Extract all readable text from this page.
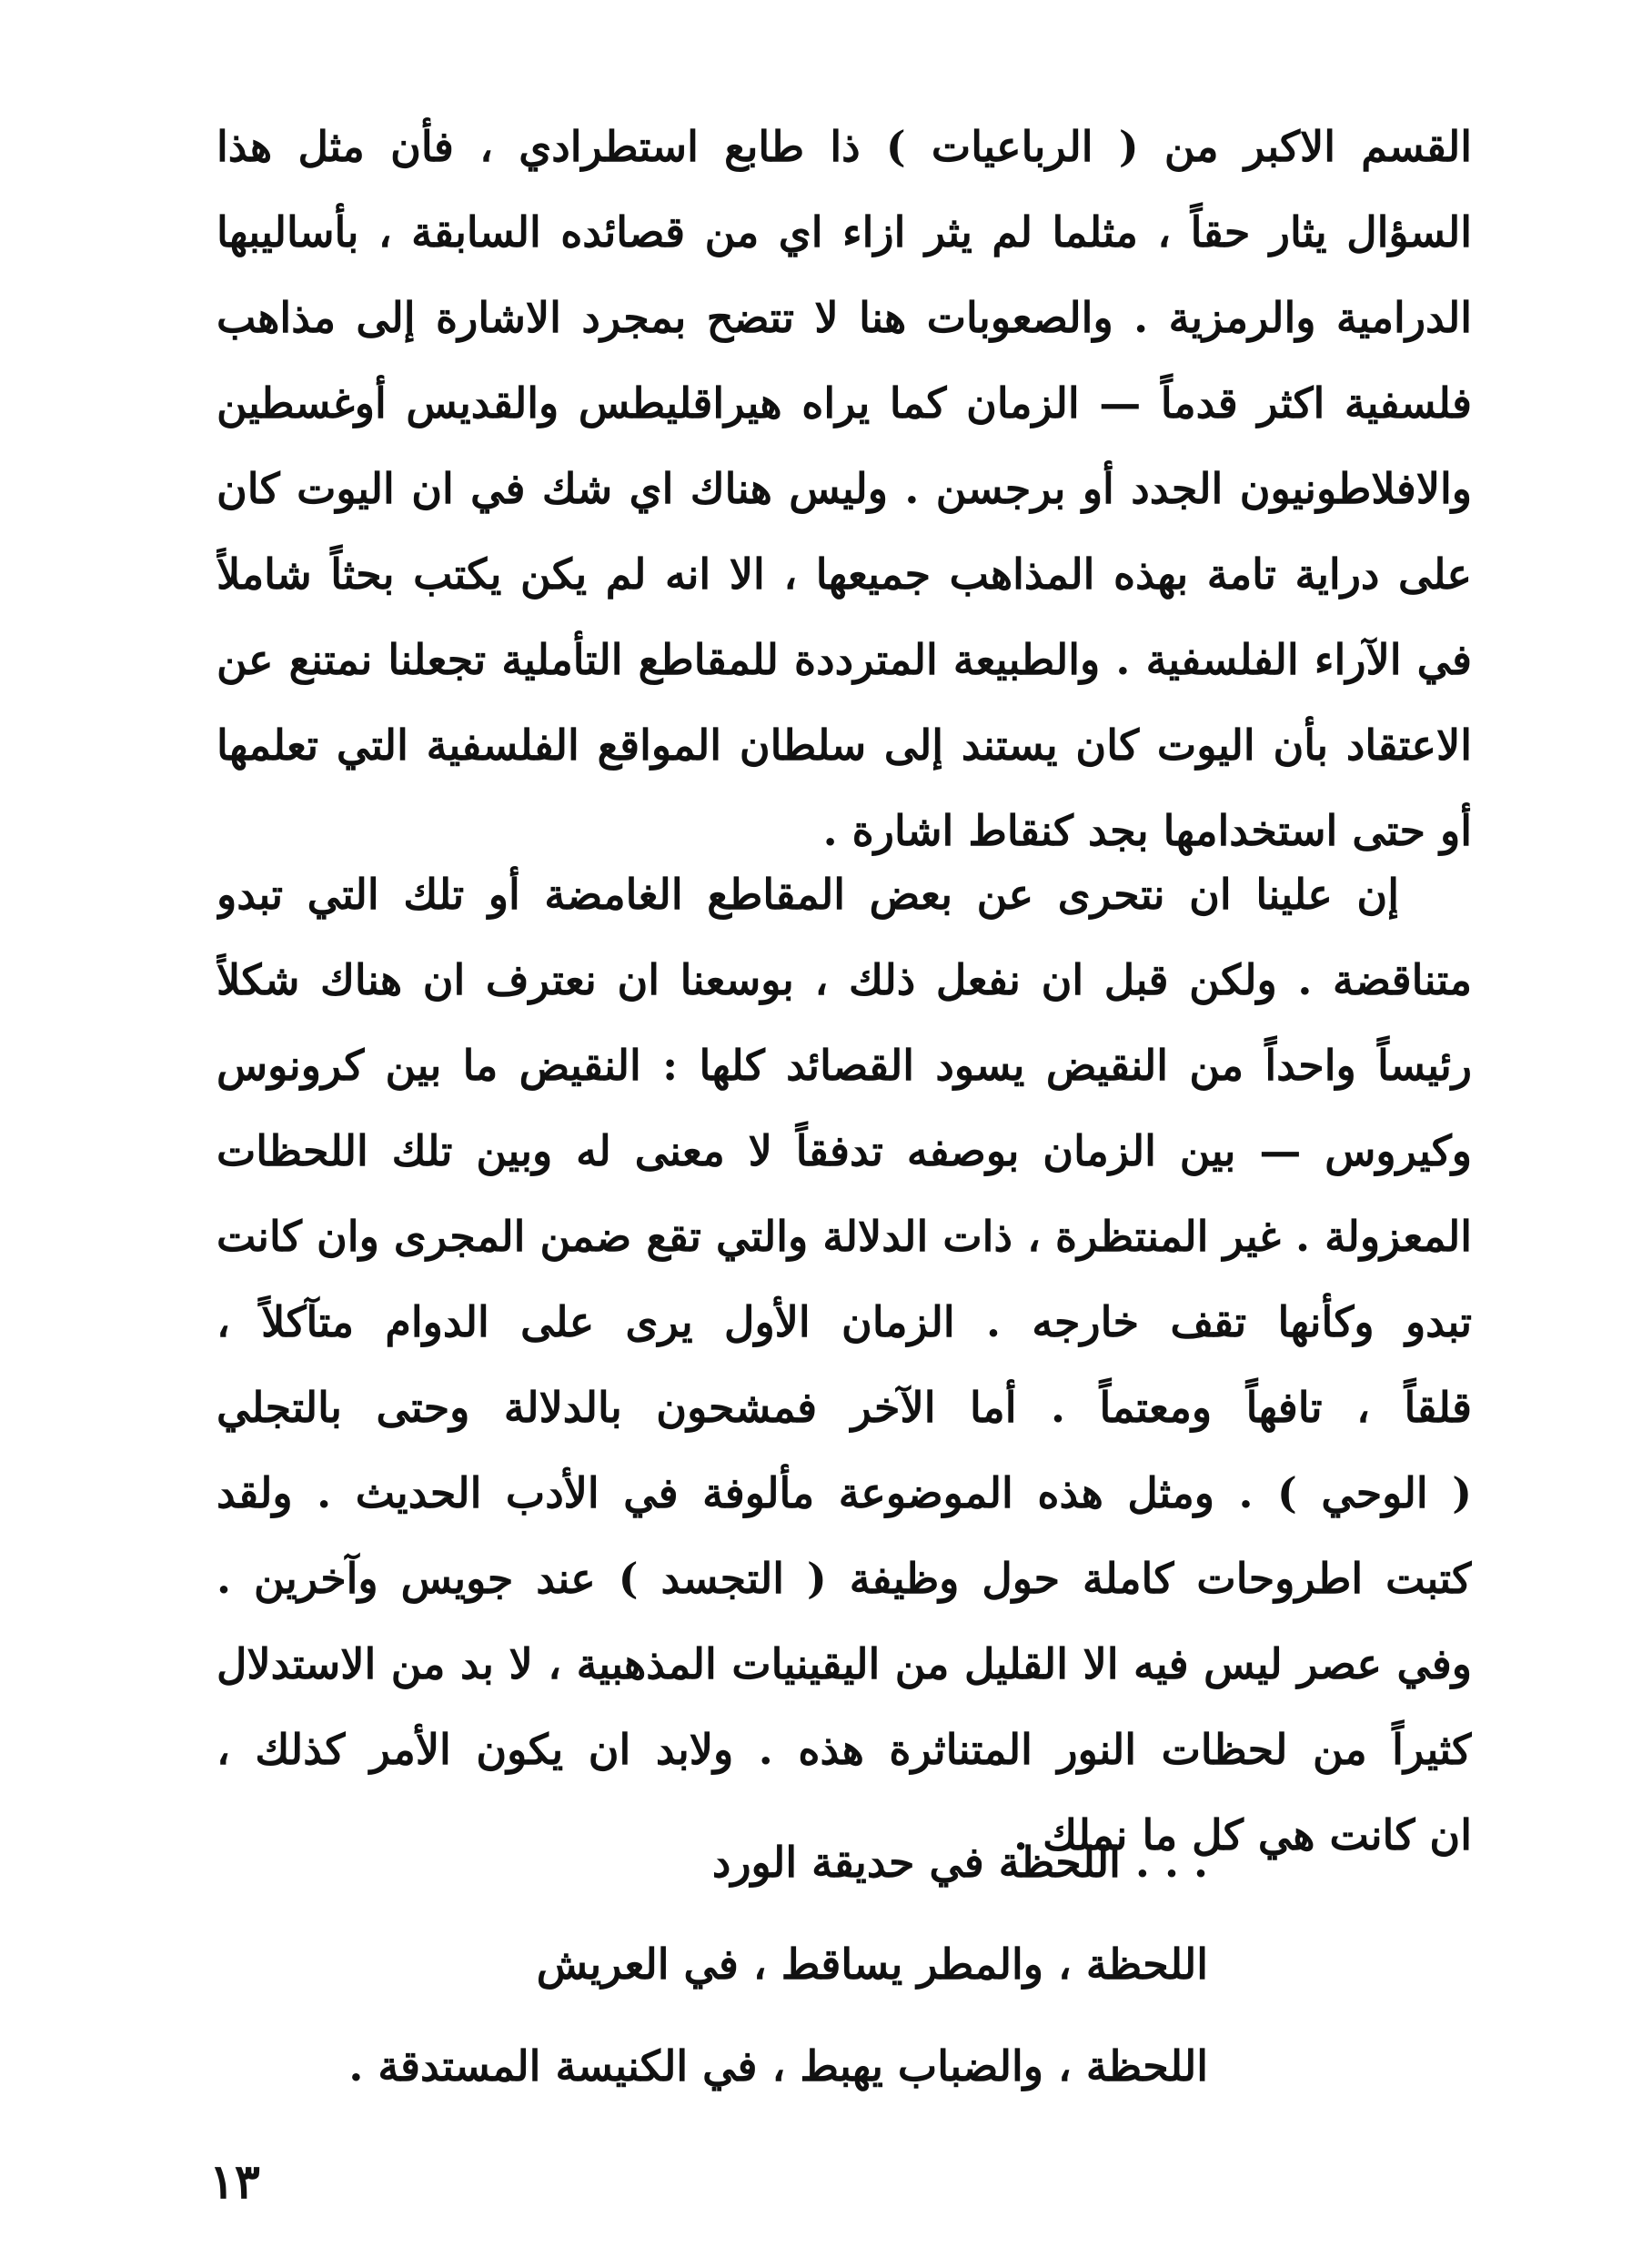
القسم الاكبر من ( الرباعيات ) ذا طابع استطرادي ، فأن مثل هذا
السؤال يثار حقاً ، مثلما لم يثر ازاء اي من قصائده السابقة ، بأساليبها
الدرامية والرمزية . والصعوبات هنا لا تتضح بمجرد الاشارة إلى مذاهب
فلسفية اكثر قدماً — الزمان كما يراه هيراقليطس والقديس أوغسطين
والافلاطونيون الجدد أو برجسن . وليس هناك اي شك في ان اليوت كان
على دراية تامة بهذه المذاهب جميعها ، الا انه لم يكن يكتب بحثاً شاملاً
في الآراء الفلسفية . والطبيعة المترددة للمقاطع التأملية تجعلنا نمتنع عن
الاعتقاد بأن اليوت كان يستند إلى سلطان المواقع الفلسفية التي تعلمها
أو حتى استخدامها بجد كنقاط اشارة .
إن علينا ان نتحرى عن بعض المقاطع الغامضة أو تلك التي تبدو
متناقضة . ولكن قبل ان نفعل ذلك ، بوسعنا ان نعترف ان هناك شكلاً
رئيساً واحداً من النقيض يسود القصائد كلها : النقيض ما بين كرونوس
وكيروس — بين الزمان بوصفه تدفقاً لا معنى له وبين تلك اللحظات
المعزولة . غير المنتظرة ، ذات الدلالة والتي تقع ضمن المجرى وان كانت
تبدو وكأنها تقف خارجه . الزمان الأول يرى على الدوام متآكلاً ،
قلقاً ، تافهاً ومعتماً . أما الآخر فمشحون بالدلالة وحتى بالتجلي
( الوحي ) . ومثل هذه الموضوعة مألوفة في الأدب الحديث . ولقد
كتبت اطروحات كاملة حول وظيفة ( التجسد ) عند جويس وآخرين .
وفي عصر ليس فيه الا القليل من اليقينيات المذهبية ، لا بد من الاستدلال
كثيراً من لحظات النور المتناثرة هذه . ولابد ان يكون الأمر كذلك ،
ان كانت هي كل ما نملك .
. . . اللحظة في حديقة الورد
اللحظة ، والمطر يساقط ، في العريش
اللحظة ، والضباب يهبط ، في الكنيسة المستدقة .
١٣
